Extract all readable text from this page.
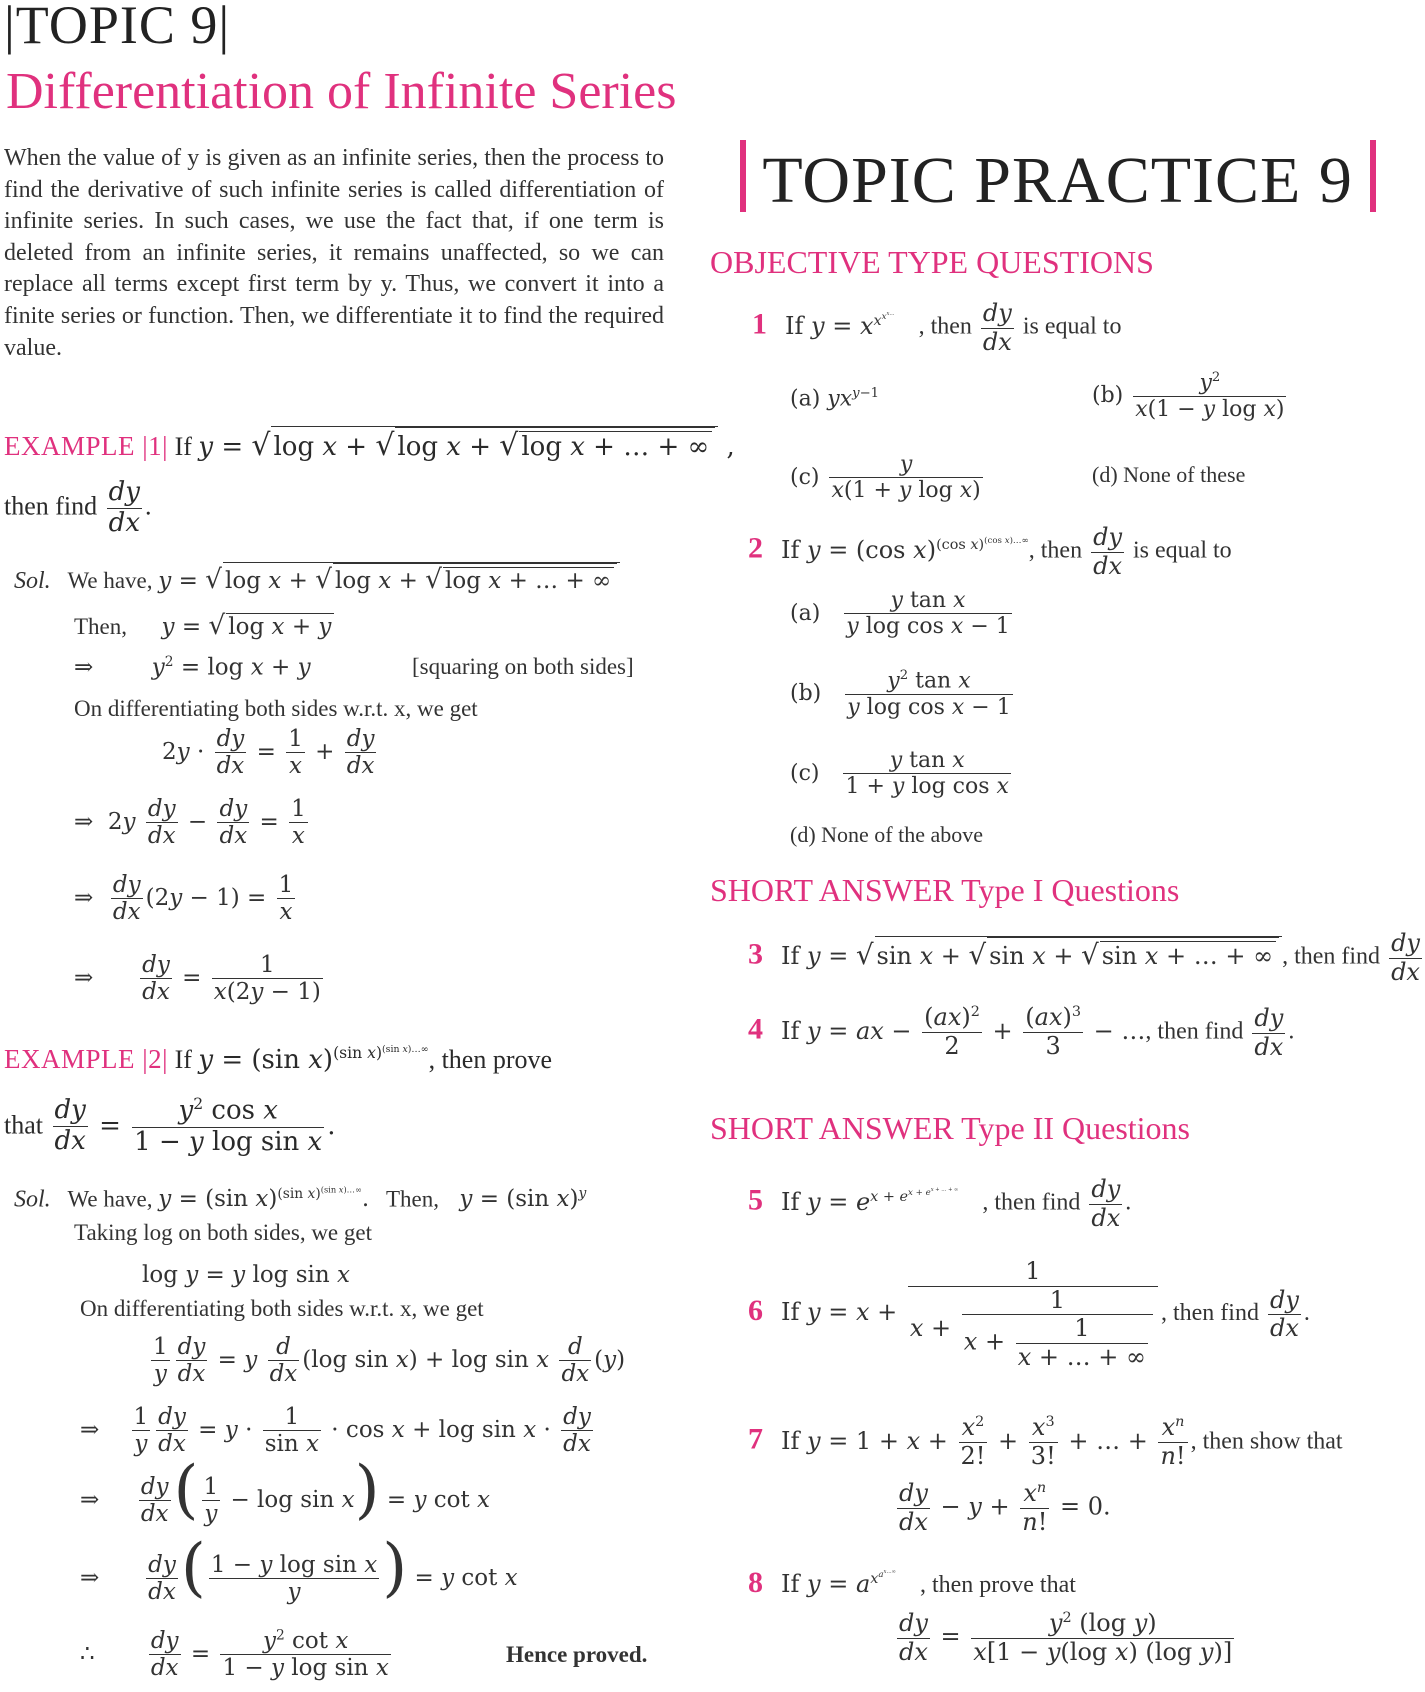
|TOPIC 9|
Differentiation of Infinite Series
When the value of y is given as an infinite series, then the process to find the derivative of such infinite series is called differentiation of infinite series. In such cases, we use the fact that, if one term is deleted from an infinite series, it remains unaffected, so we can replace all terms except first term by y. Thus, we convert it into a finite series or function. Then, we differentiate it to find the required value.
EXAMPLE |1| If y = √ log x + √ log x + √ log x + … + ∞ ,
then find $\frac{dy}{dx}$ .
Sol. We have, y = √ log x + √ log x + √ log x + … + ∞
Then, y = √ log x + y
⇒        $y^2 = \log x + y$	[squaring on both sides]
On differentiating both sides w.r.t. x, we get
$2y \cdot \frac{dy}{dx} = \frac{1}{x} + \frac{dy}{dx}$
⇒  $2y \frac{dy}{dx} - \frac{dy}{dx} = \frac{1}{x}$
⇒ $\frac{dy}{dx} (2y - 1) = \frac{1}{x}$
⇒ $\frac{dy}{dx} = \frac{1}{x(2y - 1)}$
EXAMPLE |2| If y = (sin x)$^{(sin x)^{(sin x)\dots\infty}}$, then prove
that $\frac{dy}{dx} = \frac{y^2 \cos x}{\text{1 − y log sin x}}$ .
Sol. We have, y = (sin x)$^{(sin x)^{(sin x)\dots\infty}}$. Then, y = (sin x)$^y$
Taking log on both sides, we get
log y = y log sin x
On differentiating both sides w.r.t. x, we get
$\frac{1}{y} \frac{dy}{dx} = y \frac{d}{dx} (\log$ sin x) + log sin x $\frac{d}{dx} (y)$
⇒ $\frac{1}{y} \frac{dy}{dx} = y \cdot \frac{1}{\text{sin x}} \cdot \cos x + \log \sin x \cdot \frac{dy}{dx}$
⇒ $\frac{dy}{dx}$ ( $\frac{1}{y} - \log \sin x) = y$ cot x
⇒ $\frac{dy}{dx}$ ( $\frac{\text{1 − y log sin x}}{y}$ ) = y cot x
∴ $\frac{dy}{dx} = \frac{y^2 \cot x}{\text{1 − y log sin x}}$	Hence proved.
TOPIC PRACTICE 9
OBJECTIVE TYPE QUESTIONS
1 If $y = x^{x^{x^{x\dots}}}$ , then $\frac{dy}{dx}$ is equal to
(a) $yx^{y-1}$	$(b) \frac{y^2}{\text{x(1 − y log x)}}$
$(c) \frac{y}{\text{x(1 + y log x)}}$	(d) None of these
2 If y = (cos x)$^{(cos x)^{(cos x)\dots\infty}}$, then $\frac{dy}{dx}$ is equal to
$(a) \frac{\text{y tan x}}{\text{y log cos x − 1}}$
$(b) \frac{y^2 \tan x}{\text{y log cos x − 1}}$
$(c) \frac{\text{y tan x}}{\text{1 + y log cos x}}$
(d) None of the above
SHORT ANSWER Type I Questions
3 If y = √ sin x + √ sin x + √ sin x + … + ∞ , then find $\frac{dy}{dx}$
4 If y = ax − $\frac{(ax)^2}{2} + \frac{(ax)^3}{3}$ − …, then find $\frac{dy}{dx}$ .
SHORT ANSWER Type II Questions
5 If $y = e^{x + e^{x + e^{x + \dots + \infty}}}$ , then find $\frac{dy}{dx}$ .
6 If $y = x + \frac{1}{x + \frac{1}{x + \frac{1}{x + \dots + \infty}}}$ , then find $\frac{dy}{dx}$ .
7 If $y = 1 + x + \frac{x^2}{2!} + \frac{x^3}{3!}$ + … + $\frac{x^n}{n!}$ , then show that
$\frac{dy}{dx} - y + \frac{x^n}{n!} = 0$.
8 If $y = a^{x^{a^{x\dots\infty}}}$ , then prove that
$\frac{dy}{dx} = \frac{y^2 (\log y)}{\text{x[1 − y(log x) (log y)]}}$
